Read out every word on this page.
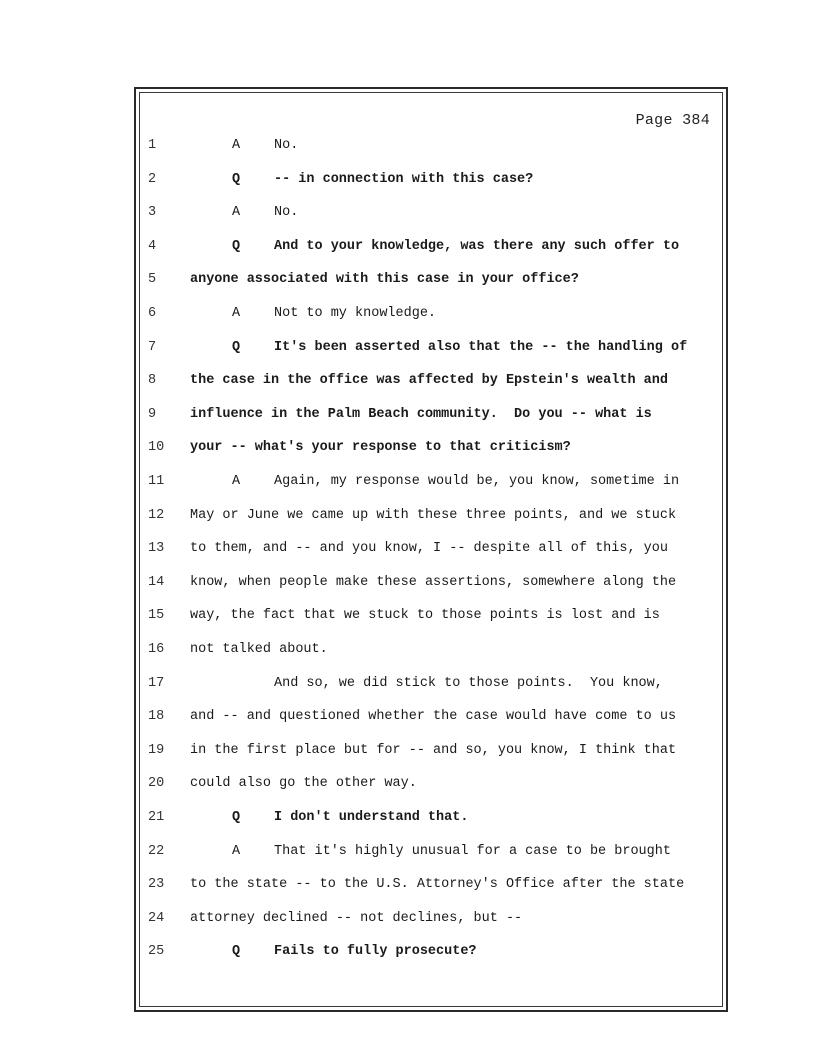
Page 384
1	A	No.
2	Q	-- in connection with this case?
3	A	No.
4	Q	And to your knowledge, was there any such offer to
5	anyone associated with this case in your office?
6	A	Not to my knowledge.
7	Q	It's been asserted also that the -- the handling of
8	the case in the office was affected by Epstein's wealth and
9	influence in the Palm Beach community.  Do you -- what is
10	your -- what's your response to that criticism?
11	A	Again, my response would be, you know, sometime in
12	May or June we came up with these three points, and we stuck
13	to them, and -- and you know, I -- despite all of this, you
14	know, when people make these assertions, somewhere along the
15	way, the fact that we stuck to those points is lost and is
16	not talked about.
17	And so, we did stick to those points.  You know,
18	and -- and questioned whether the case would have come to us
19	in the first place but for -- and so, you know, I think that
20	could also go the other way.
21	Q	I don't understand that.
22	A	That it's highly unusual for a case to be brought
23	to the state -- to the U.S. Attorney's Office after the state
24	attorney declined -- not declines, but --
25	Q	Fails to fully prosecute?
